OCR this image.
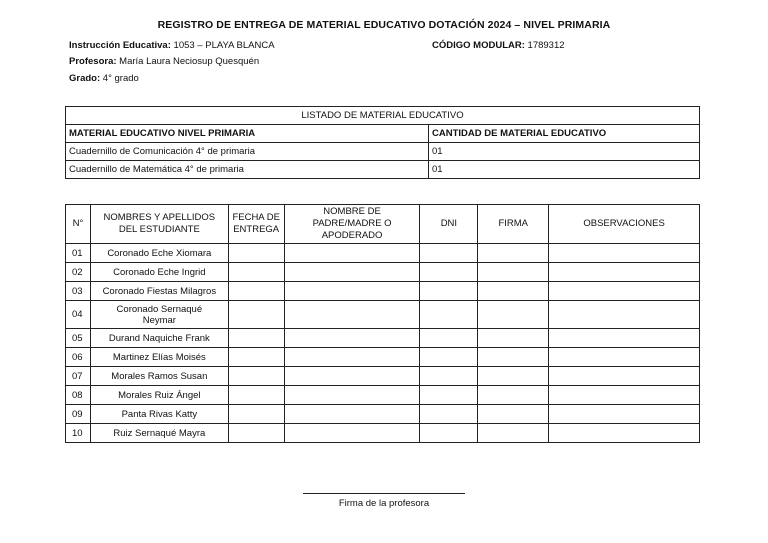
REGISTRO DE ENTREGA DE MATERIAL EDUCATIVO DOTACIÓN 2024 – NIVEL PRIMARIA
Instrucción Educativa: 1053 – PLAYA BLANCA	CÓDIGO MODULAR: 1789312
Profesora: María Laura Neciosup Quesquén
Grado: 4° grado
LISTADO DE MATERIAL EDUCATIVO	
MATERIAL EDUCATIVO NIVEL PRIMARIA	CANTIDAD DE MATERIAL EDUCATIVO
Cuadernillo de Comunicación 4° de primaria	01
Cuadernillo de Matemática 4° de primaria	01
N°	NOMBRES Y APELLIDOS DEL ESTUDIANTE	FECHA DE ENTREGA	NOMBRE DE PADRE/MADRE O APODERADO	DNI	FIRMA	OBSERVACIONES
01	Coronado Eche Xiomara					
02	Coronado Eche Ingrid					
03	Coronado Fiestas Milagros					
04	Coronado Sernaqué Neymar					
05	Durand Naquiche Frank					
06	Martinez Elías Moisés					
07	Morales Ramos Susan					
08	Morales Ruiz Ángel					
09	Panta Rivas Katty					
10	Ruiz Sernaqué Mayra					
Firma de la profesora
